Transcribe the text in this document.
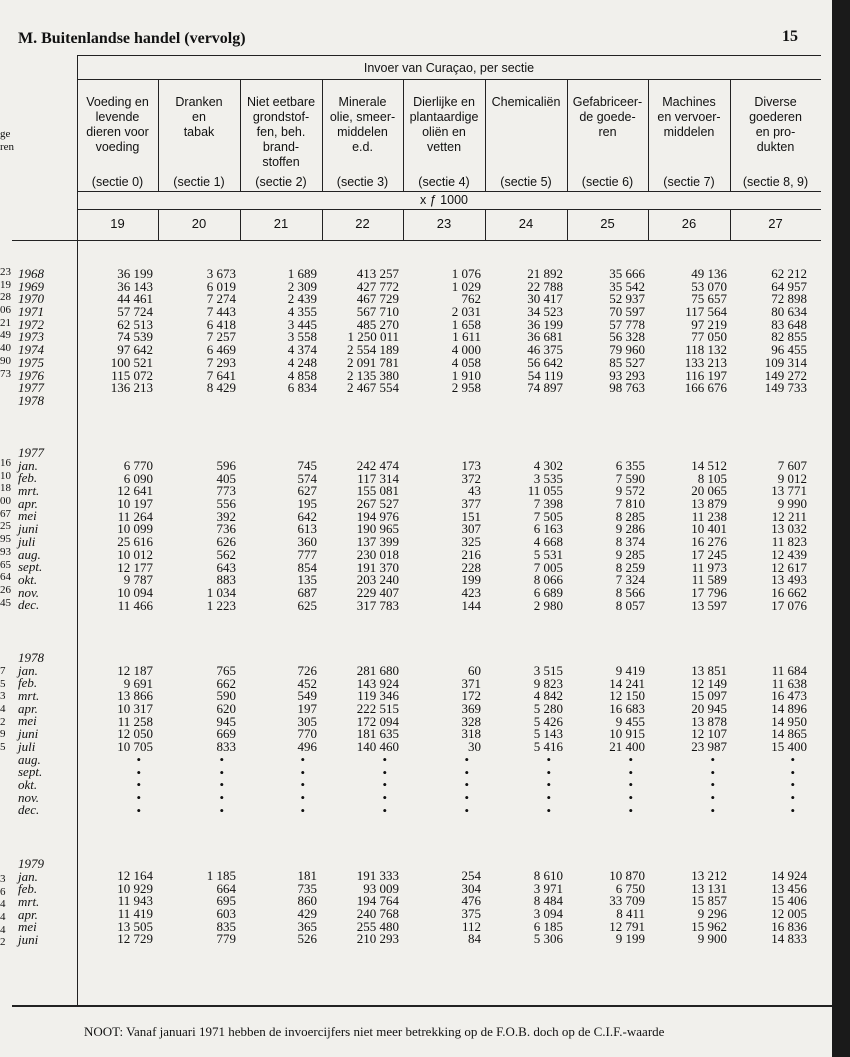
M. Buitenlandse handel (vervolg)	15
ge
ren
23
19
28
06
21
49
40
90
73
16
10
18
00
67
25
95
93
65
64
26
45
7
5
3
4
2
9
5
3
6
4
4
4
2
Invoer van Curaçao, per sectie
x ƒ 1000
Voeding en
levende
dieren voor
voeding
(sectie 0)
19
Dranken
en
tabak
(sectie 1)
20
Niet eetbare
grondstof-
fen, beh.
brand-
stoffen
(sectie 2)
21
Minerale
olie, smeer-
middelen
e.d.
(sectie 3)
22
Dierlijke en
plantaardige
oliën en
vetten
(sectie 4)
23
Chemicaliën
(sectie 5)
24
Gefabriceer-
de goede-
ren
(sectie 6)
25
Machines
en vervoer-
middelen
(sectie 7)
26
Diverse
goederen
en pro-
dukten
(sectie 8, 9)
27
36 199
36 143
44 461
57 724
62 513
74 539
97 642
100 521
115 072
136 213
3 673
6 019
7 274
7 443
6 418
7 257
6 469
7 293
7 641
8 429
1 689
2 309
2 439
4 355
3 445
3 558
4 374
4 248
4 858
6 834
413 257
427 772
467 729
567 710
485 270
1 250 011
2 554 189
2 091 781
2 135 380
2 467 554
1 076
1 029
762
2 031
1 658
1 611
4 000
4 058
1 910
2 958
21 892
22 788
30 417
34 523
36 199
36 681
46 375
56 642
54 119
74 897
35 666
35 542
52 937
70 597
57 778
56 328
79 960
85 527
93 293
98 763
49 136
53 070
75 657
117 564
97 219
77 050
118 132
133 213
116 197
166 676
62 212
64 957
72 898
80 634
83 648
82 855
96 455
109 314
149 272
149 733
6 770
6 090
12 641
10 197
11 264
10 099
25 616
10 012
12 177
9 787
10 094
11 466
596
405
773
556
392
736
626
562
643
883
1 034
1 223
745
574
627
195
642
613
360
777
854
135
687
625
242 474
117 314
155 081
267 527
194 976
190 965
137 399
230 018
191 370
203 240
229 407
317 783
173
372
43
377
151
307
325
216
228
199
423
144
4 302
3 535
11 055
7 398
7 505
6 163
4 668
5 531
7 005
8 066
6 689
2 980
6 355
7 590
9 572
7 810
8 285
9 286
8 374
9 285
8 259
7 324
8 566
8 057
14 512
8 105
20 065
13 879
11 238
10 401
16 276
17 245
11 973
11 589
17 796
13 597
7 607
9 012
13 771
9 990
12 211
13 032
11 823
12 439
12 617
13 493
16 662
17 076
12 187
9 691
13 866
10 317
11 258
12 050
10 705
•
•
•
•
•
765
662
590
620
945
669
833
•
•
•
•
•
726
452
549
197
305
770
496
•
•
•
•
•
281 680
143 924
119 346
222 515
172 094
181 635
140 460
•
•
•
•
•
60
371
172
369
328
318
30
•
•
•
•
•
3 515
9 823
4 842
5 280
5 426
5 143
5 416
•
•
•
•
•
9 419
14 241
12 150
16 683
9 455
10 915
21 400
•
•
•
•
•
13 851
12 149
15 097
20 945
13 878
12 107
23 987
•
•
•
•
•
11 684
11 638
16 473
14 896
14 950
14 865
15 400
•
•
•
•
•
12 164
10 929
11 943
11 419
13 505
12 729
1 185
664
695
603
835
779
181
735
860
429
365
526
191 333
93 009
194 764
240 768
255 480
210 293
254
304
476
375
112
84
8 610
3 971
8 484
3 094
6 185
5 306
10 870
6 750
33 709
8 411
12 791
9 199
13 212
13 131
15 857
9 296
15 962
9 900
14 924
13 456
15 406
12 005
16 836
14 833
1968
1969
1970
1971
1972
1973
1974
1975
1976
1977
1978
1977
jan.
feb.
mrt.
apr.
mei
juni
juli
aug.
sept.
okt.
nov.
dec.
1978
jan.
feb.
mrt.
apr.
mei
juni
juli
aug.
sept.
okt.
nov.
dec.
1979
jan.
feb.
mrt.
apr.
mei
juni
NOOT: Vanaf januari 1971 hebben de invoercijfers niet meer betrekking op de F.O.B. doch op de C.I.F.-waarde
